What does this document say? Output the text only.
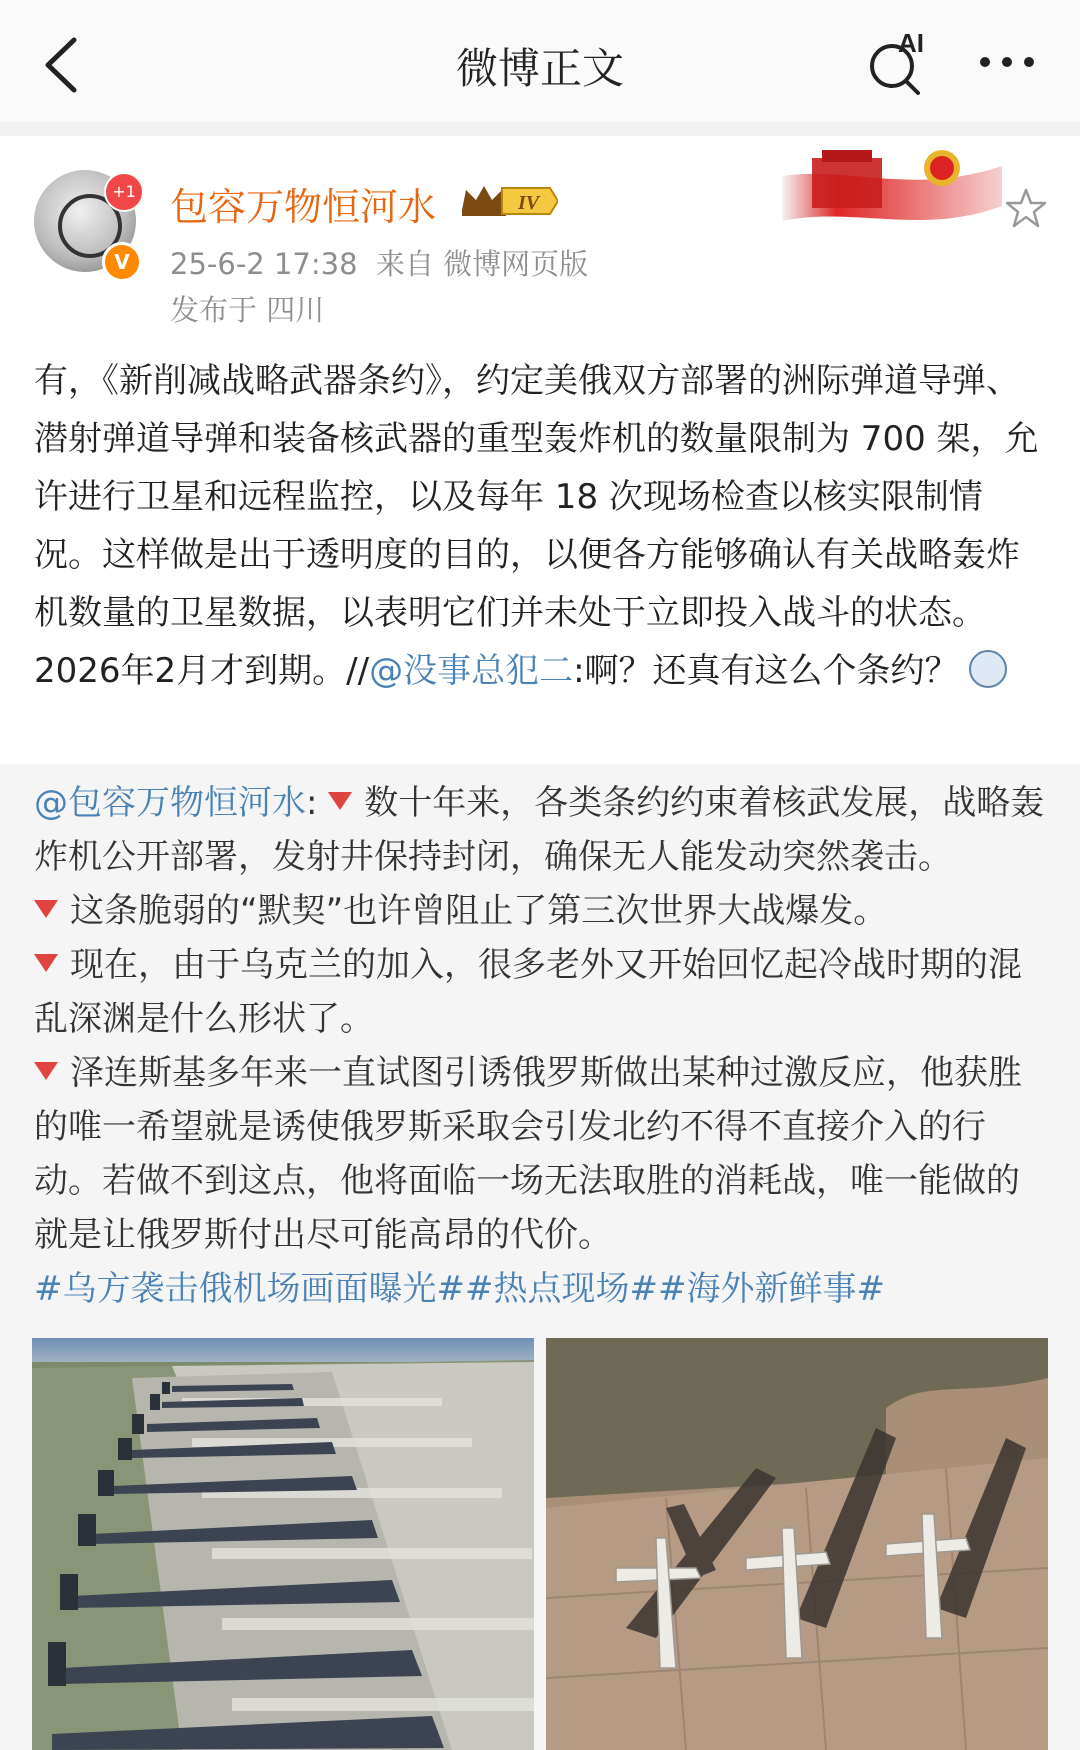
微博正文
AI
+1
V
包容万物恒河水	IV
25-6-2 17:38 来自 微博网页版
发布于 四川
有，《新削减战略武器条约》，约定美俄双方部署的洲际弹道导弹、潜射弹道导弹和装备核武器的重型轰炸机的数量限制为 700 架，允许进行卫星和远程监控，以及每年 18 次现场检查以核实限制情况。这样做是出于透明度的目的，以便各方能够确认有关战略轰炸机数量的卫星数据，以表明它们并未处于立即投入战斗的状态。2026年2月才到期。//@没事总犯二:啊？还真有这么个条约？
@包容万物恒河水: 数十年来，各类条约约束着核武发展，战略轰炸机公开部署，发射井保持封闭，确保无人能发动突然袭击。
这条脆弱的“默契”也许曾阻止了第三次世界大战爆发。
现在，由于乌克兰的加入，很多老外又开始回忆起冷战时期的混乱深渊是什么形状了。
泽连斯基多年来一直试图引诱俄罗斯做出某种过激反应，他获胜的唯一希望就是诱使俄罗斯采取会引发北约不得不直接介入的行动。若做不到这点，他将面临一场无法取胜的消耗战，唯一能做的就是让俄罗斯付出尽可能高昂的代价。
#乌方袭击俄机场画面曝光##热点现场##海外新鲜事#
